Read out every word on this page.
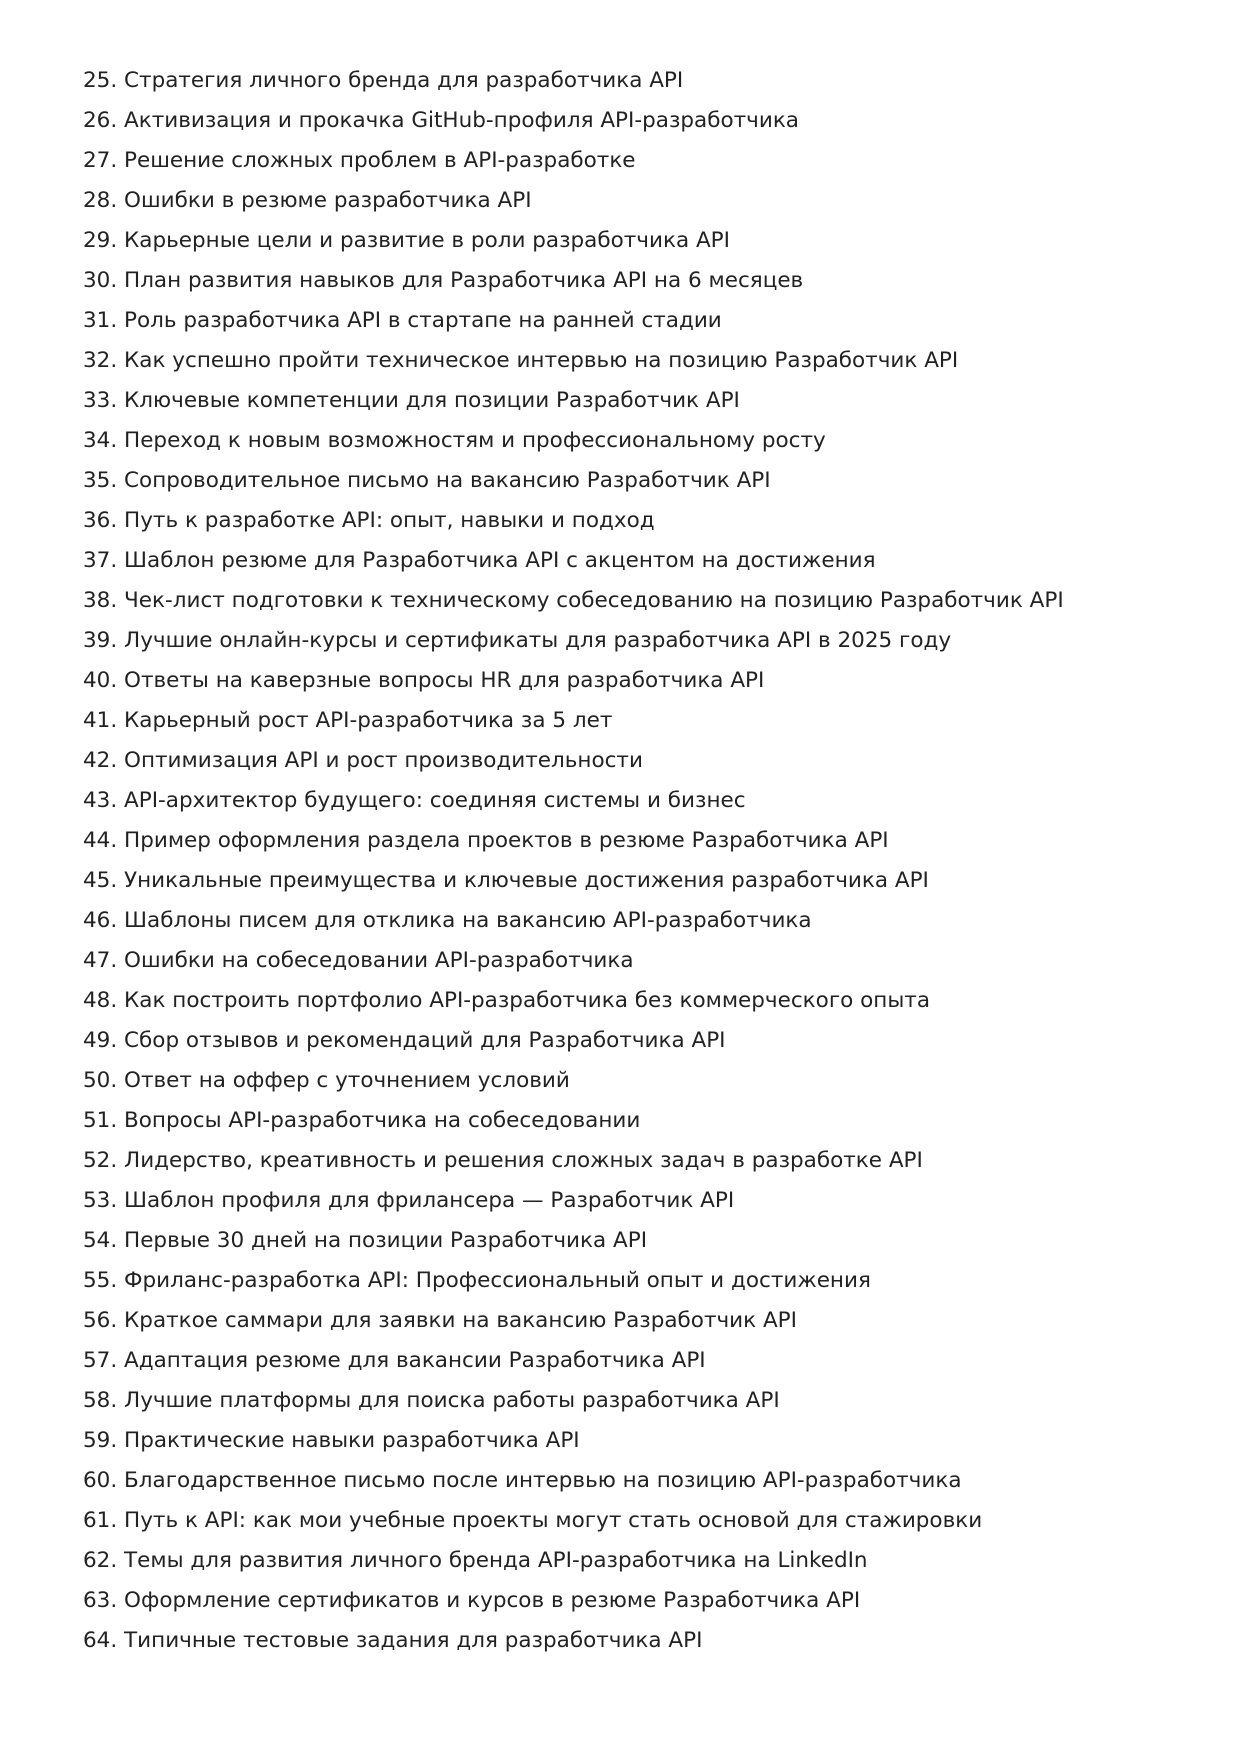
25. Стратегия личного бренда для разработчика API
26. Активизация и прокачка GitHub-профиля API-разработчика
27. Решение сложных проблем в API-разработке
28. Ошибки в резюме разработчика API
29. Карьерные цели и развитие в роли разработчика API
30. План развития навыков для Разработчика API на 6 месяцев
31. Роль разработчика API в стартапе на ранней стадии
32. Как успешно пройти техническое интервью на позицию Разработчик API
33. Ключевые компетенции для позиции Разработчик API
34. Переход к новым возможностям и профессиональному росту
35. Сопроводительное письмо на вакансию Разработчик API
36. Путь к разработке API: опыт, навыки и подход
37. Шаблон резюме для Разработчика API с акцентом на достижения
38. Чек-лист подготовки к техническому собеседованию на позицию Разработчик API
39. Лучшие онлайн-курсы и сертификаты для разработчика API в 2025 году
40. Ответы на каверзные вопросы HR для разработчика API
41. Карьерный рост API-разработчика за 5 лет
42. Оптимизация API и рост производительности
43. API-архитектор будущего: соединяя системы и бизнес
44. Пример оформления раздела проектов в резюме Разработчика API
45. Уникальные преимущества и ключевые достижения разработчика API
46. Шаблоны писем для отклика на вакансию API-разработчика
47. Ошибки на собеседовании API-разработчика
48. Как построить портфолио API-разработчика без коммерческого опыта
49. Сбор отзывов и рекомендаций для Разработчика API
50. Ответ на оффер с уточнением условий
51. Вопросы API-разработчика на собеседовании
52. Лидерство, креативность и решения сложных задач в разработке API
53. Шаблон профиля для фрилансера — Разработчик API
54. Первые 30 дней на позиции Разработчика API
55. Фриланс-разработка API: Профессиональный опыт и достижения
56. Краткое саммари для заявки на вакансию Разработчик API
57. Адаптация резюме для вакансии Разработчика API
58. Лучшие платформы для поиска работы разработчика API
59. Практические навыки разработчика API
60. Благодарственное письмо после интервью на позицию API-разработчика
61. Путь к API: как мои учебные проекты могут стать основой для стажировки
62. Темы для развития личного бренда API-разработчика на LinkedIn
63. Оформление сертификатов и курсов в резюме Разработчика API
64. Типичные тестовые задания для разработчика API
